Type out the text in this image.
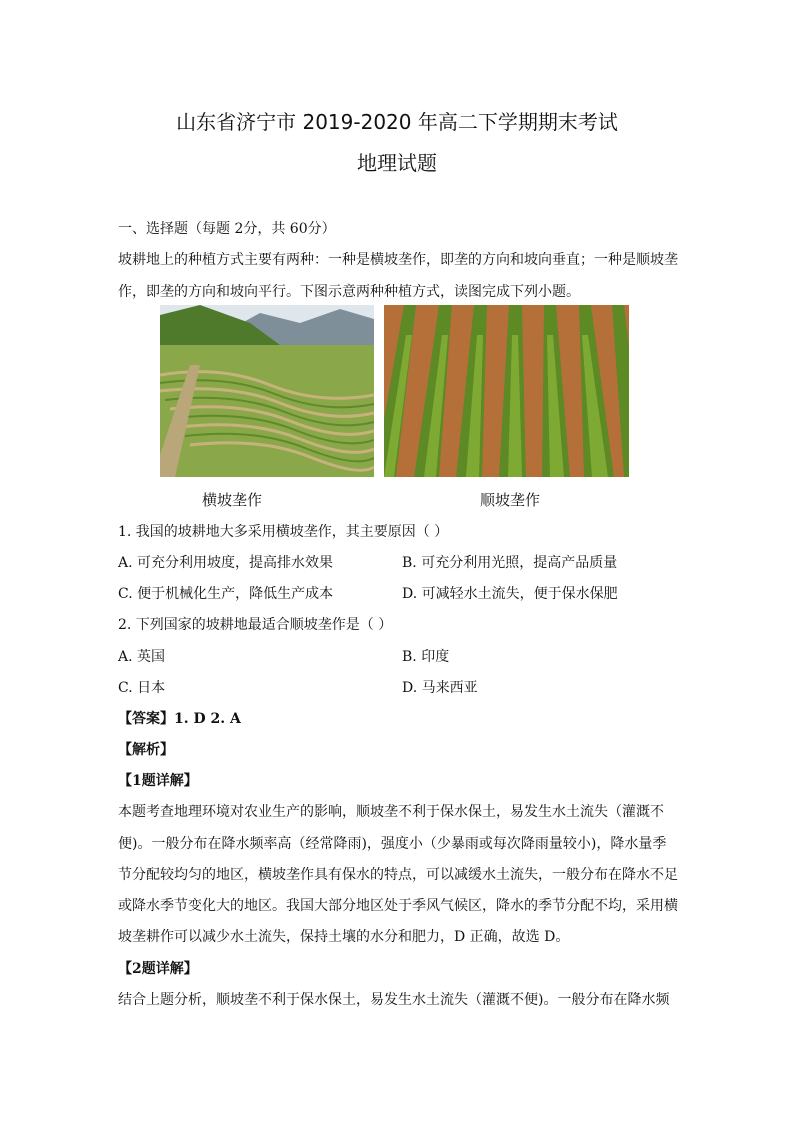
山东省济宁市 2019-2020 年高二下学期期末考试
地理试题
一、选择题（每题 2分，共 60分）
坡耕地上的种植方式主要有两种：一种是横坡垄作，即垄的方向和坡向垂直；一种是顺坡垄
作，即垄的方向和坡向平行。下图示意两种种植方式，读图完成下列小题。
横坡垄作	顺坡垄作
1. 我国的坡耕地大多采用横坡垄作，其主要原因（ ）
A. 可充分利用坡度，提高排水效果	B. 可充分利用光照，提高产品质量
C. 便于机械化生产，降低生产成本	D. 可减轻水土流失，便于保水保肥
2. 下列国家的坡耕地最适合顺坡垄作是（ ）
A. 英国	B. 印度
C. 日本	D. 马来西亚
【答案】1. D 2. A
【解析】
【1题详解】
本题考查地理环境对农业生产的影响，顺坡垄不利于保水保土，易发生水土流失（灌溉不
便)。一般分布在降水频率高（经常降雨)，强度小（少暴雨或每次降雨量较小)，降水量季
节分配较均匀的地区，横坡垄作具有保水的特点，可以减缓水土流失，一般分布在降水不足
或降水季节变化大的地区。我国大部分地区处于季风气候区，降水的季节分配不均，采用横
坡垄耕作可以减少水土流失，保持土壤的水分和肥力，D 正确，故选 D。
【2题详解】
结合上题分析，顺坡垄不利于保水保土，易发生水土流失（灌溉不便)。一般分布在降水频
